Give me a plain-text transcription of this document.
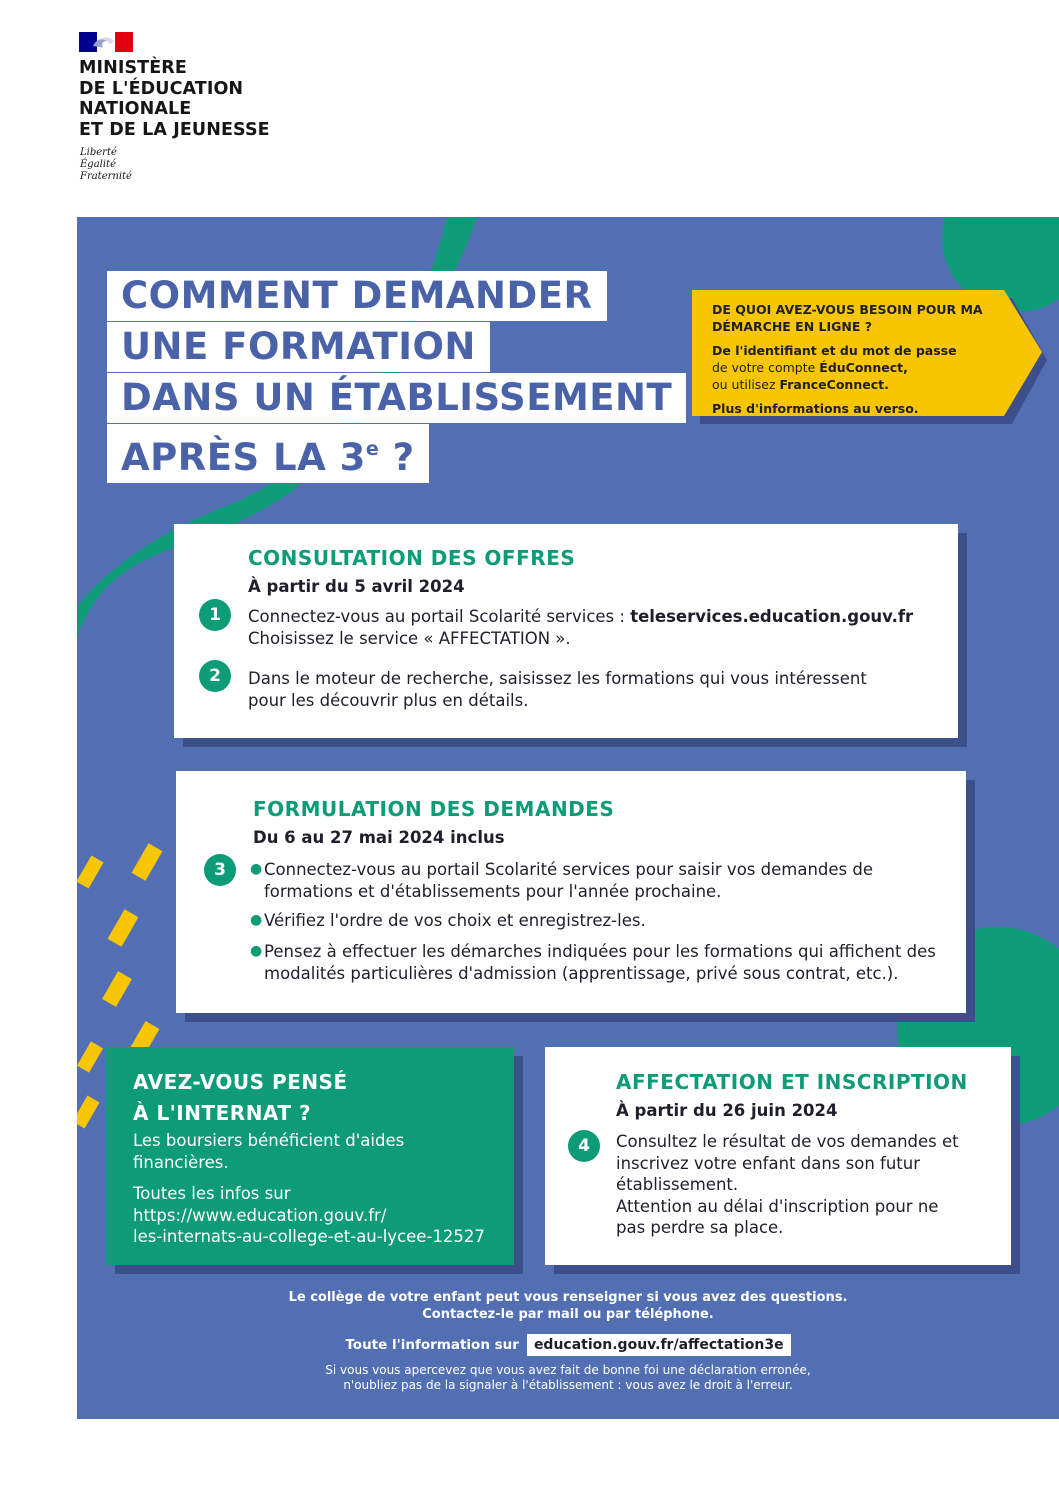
MINISTÈRE
DE L'ÉDUCATION
NATIONALE
ET DE LA JEUNESSE
Liberté
Égalité
Fraternité
COMMENT DEMANDER
UNE FORMATION
DANS UN ÉTABLISSEMENT
APRÈS LA 3e ?

DE QUOI AVEZ-VOUS BESOIN POUR MA DÉMARCHE EN LIGNE ?

De l'identifiant et du mot de passe
de votre compte ÉduConnect,
ou utilisez FranceConnect.

Plus d'informations au verso.

CONSULTATION DES OFFRES
À partir du 5 avril 2024
1	Connectez-vous au portail Scolarité services : teleservices.education.gouv.fr
Choisissez le service « AFFECTATION ».
2	Dans le moteur de recherche, saisissez les formations qui vous intéressent
pour les découvrir plus en détails.
FORMULATION DES DEMANDES
Du 6 au 27 mai 2024 inclus
3	● Connectez-vous au portail Scolarité services pour saisir vos demandes de formations et d'établissements pour l'année prochaine.
● Vérifiez l'ordre de vos choix et enregistrez-les.
● Pensez à effectuer les démarches indiquées pour les formations qui affichent des modalités particulières d'admission (apprentissage, privé sous contrat, etc.).
AVEZ-VOUS PENSÉ
À L'INTERNAT ?

Les boursiers bénéficient d'aides financières.

Toutes les infos sur
https://www.education.gouv.fr/
les-internats-au-college-et-au-lycee-12527

AFFECTATION ET INSCRIPTION
À partir du 26 juin 2024
4	Consultez le résultat de vos demandes et inscrivez votre enfant dans son futur établissement.
Attention au délai d'inscription pour ne pas perdre sa place.
Le collège de votre enfant peut vous renseigner si vous avez des questions.
Contactez-le par mail ou par téléphone.
Toute l'information sur	education.gouv.fr/affectation3e
Si vous vous apercevez que vous avez fait de bonne foi une déclaration erronée,
n'oubliez pas de la signaler à l'établissement : vous avez le droit à l'erreur.
